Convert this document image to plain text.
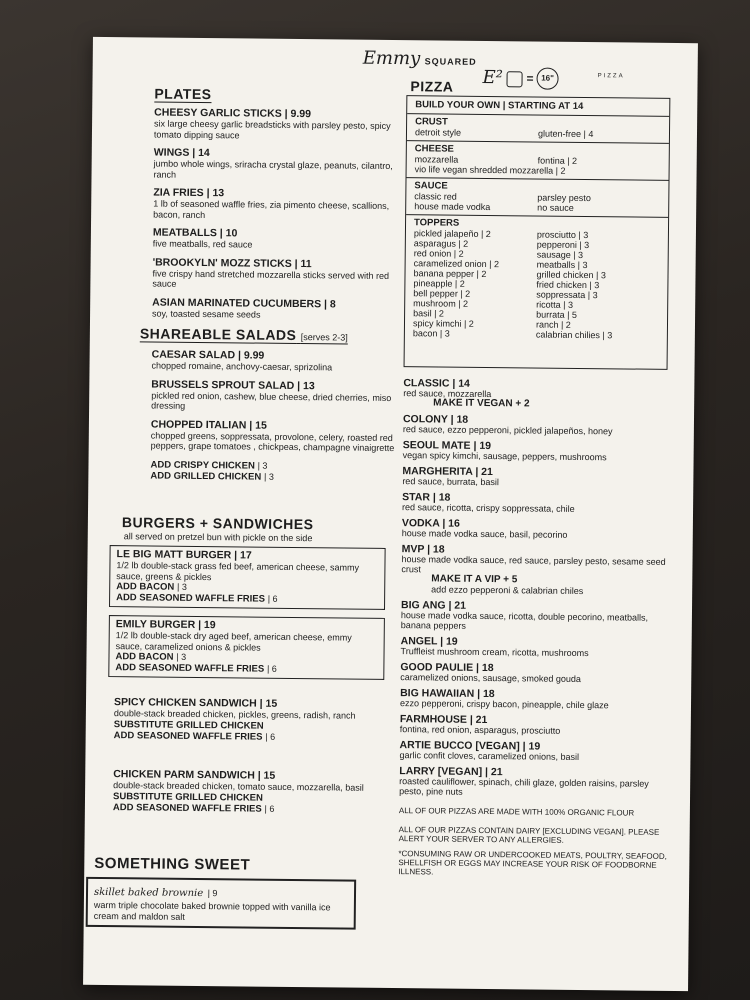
Emmy SQUARED
PIZZA
E² = 16"
PLATES
CHEESY GARLIC STICKS | 9.99
six large cheesy garlic breadsticks with parsley pesto, spicy tomato dipping sauce
WINGS | 14
jumbo whole wings, sriracha crystal glaze, peanuts, cilantro, ranch
ZIA FRIES | 13
1 lb of seasoned waffle fries, zia pimento cheese, scallions, bacon, ranch
MEATBALLS | 10
five meatballs, red sauce
'BROOKYLN' MOZZ STICKS | 11
five crispy hand stretched mozzarella sticks served with red sauce
ASIAN MARINATED CUCUMBERS | 8
soy, toasted sesame seeds
SHAREABLE SALADS [serves 2-3]
CAESAR SALAD | 9.99
chopped romaine, anchovy-caesar, sprizolina
BRUSSELS SPROUT SALAD | 13
pickled red onion, cashew, blue cheese, dried cherries, miso dressing
CHOPPED ITALIAN | 15
chopped greens, soppressata, provolone, celery, roasted red peppers, grape tomatoes , chickpeas, champagne vinaigrette
ADD CRISPY CHICKEN | 3
ADD GRILLED CHICKEN | 3
BURGERS + SANDWICHES
all served on pretzel bun with pickle on the side
LE BIG MATT BURGER | 17
1/2 lb double-stack grass fed beef, american cheese, sammy sauce, greens & pickles
ADD BACON | 3
ADD SEASONED WAFFLE FRIES | 6
EMILY BURGER | 19
1/2 lb double-stack dry aged beef, american cheese, emmy sauce, caramelized onions & pickles
ADD BACON | 3
ADD SEASONED WAFFLE FRIES | 6
SPICY CHICKEN SANDWICH | 15
double-stack breaded chicken, pickles, greens, radish, ranch
SUBSTITUTE GRILLED CHICKEN
ADD SEASONED WAFFLE FRIES | 6
CHICKEN PARM SANDWICH | 15
double-stack breaded chicken, tomato sauce, mozzarella, basil
SUBSTITUTE GRILLED CHICKEN
ADD SEASONED WAFFLE FRIES | 6
SOMETHING SWEET
skillet baked brownie | 9
warm triple chocolate baked brownie topped with vanilla ice cream and maldon salt
PIZZA
BUILD YOUR OWN | STARTING AT 14
CRUST
detroit style	gluten-free | 4
CHEESE
mozzarella	fontina | 2
vio life vegan shredded mozzarella | 2
SAUCE
classic red
house made vodka
parsley pesto
no sauce
TOPPERS
pickled jalapeño | 2
asparagus | 2
red onion | 2
caramelized onion | 2
banana pepper | 2
pineapple | 2
bell pepper | 2
mushroom | 2
basil | 2
spicy kimchi | 2
bacon | 3
prosciutto | 3
pepperoni | 3
sausage | 3
meatballs | 3
grilled chicken | 3
fried chicken | 3
soppressata | 3
ricotta | 3
burrata | 5
ranch | 2
calabrian chilies | 3
CLASSIC | 14
red sauce, mozzarella
MAKE IT VEGAN + 2
COLONY | 18
red sauce, ezzo pepperoni, pickled jalapeños, honey
SEOUL MATE | 19
vegan spicy kimchi, sausage, peppers, mushrooms
MARGHERITA | 21
red sauce, burrata, basil
STAR | 18
red sauce, ricotta, crispy soppressata, chile
VODKA | 16
house made vodka sauce, basil, pecorino
MVP | 18
house made vodka sauce, red sauce, parsley pesto, sesame seed crust
MAKE IT A VIP + 5
add ezzo pepperoni & calabrian chiles
BIG ANG | 21
house made vodka sauce, ricotta, double pecorino, meatballs, banana peppers
ANGEL | 19
Truffleist mushroom cream, ricotta, mushrooms
GOOD PAULIE | 18
caramelized onions, sausage, smoked gouda
BIG HAWAIIAN | 18
ezzo pepperoni, crispy bacon, pineapple, chile glaze
FARMHOUSE | 21
fontina, red onion, asparagus, prosciutto
ARTIE BUCCO [VEGAN] | 19
garlic confit cloves, caramelized onions, basil
LARRY [VEGAN] | 21
roasted cauliflower, spinach, chili glaze, golden raisins, parsley pesto, pine nuts
ALL OF OUR PIZZAS ARE MADE WITH 100% ORGANIC FLOUR
ALL OF OUR PIZZAS CONTAIN DAIRY [EXCLUDING VEGAN]. PLEASE ALERT YOUR SERVER TO ANY ALLERGIES.
*CONSUMING RAW OR UNDERCOOKED MEATS, POULTRY, SEAFOOD, SHELLFISH OR EGGS MAY INCREASE YOUR RISK OF FOODBORNE ILLNESS.
